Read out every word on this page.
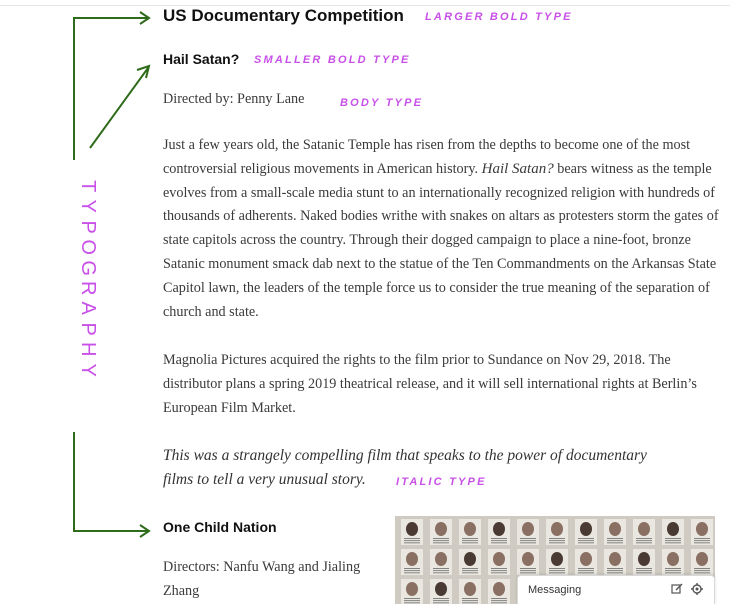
T
Y
P
O
G
R
A
P
H
Y
US Documentary Competition LARGER BOLD TYPE
Hail Satan? SMALLER BOLD TYPE
Directed by: Penny Lane	BODY TYPE
Just a few years old, the Satanic Temple has risen from the depths to become one of the most controversial religious movements in American history. Hail Satan? bears witness as the temple evolves from a small-scale media stunt to an internationally recognized religion with hundreds of thousands of adherents. Naked bodies writhe with snakes on altars as protesters storm the gates of state capitols across the country. Through their dogged campaign to place a nine-foot, bronze Satanic monument smack dab next to the statue of the Ten Commandments on the Arkansas State Capitol lawn, the leaders of the temple force us to consider the true meaning of the separation of church and state.
Magnolia Pictures acquired the rights to the film prior to Sundance on Nov 29, 2018. The distributor plans a spring 2019 theatrical release, and it will sell international rights at Berlin’s European Film Market.
This was a strangely compelling film that speaks to the power of documentary
films to tell a very unusual story.	ITALIC TYPE
One Child Nation
Directors: Nanfu Wang and Jialing Zhang	Messaging
